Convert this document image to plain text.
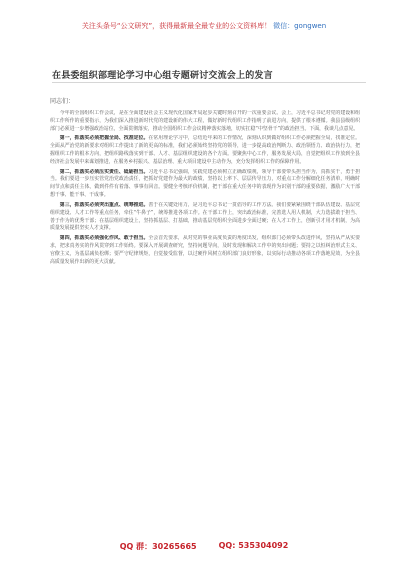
关注头条号“公文研究”，获得最新最全最专业的公文资料库！ 微信：gongwen
在县委组织部理论学习中心组专题研讨交流会上的发言
同志们：

今年的全国组织工作会议，是在全面建设社会主义现代化国家开局起步关键时刻召开的一次重要会议。会上，习近平总书记对党的建设和组织工作所作的重要指示，为我们深入推进新时代党的建设新的伟大工程，做好新时代组织工作指明了前进方向，提供了根本遵循。我县县级组织部门必须进一步增强政治站位，全面贯彻落实，推动全国组织工作会议精神落实落地，切实扛稳“中坚骨干”的政治担当。下面，我谈几点意见。

第一，抓落实必须把握全局、找准定位。在常用理论学习中，总结近年来的工作情况，深刻认识到做好组织工作必须把握全局，找准定位。全面从严治党的新要求对组织工作提出了新的更高的标准，我们必须始终坚持党的领导，进一步提高政治判断力、政治领悟力、政治执行力，把握组织工作的根本方向，把组织路线落实到干部、人才、基层组织建设的各个方面。要聚焦中心工作，服务发展大局，自觉把组织工作放到全县经济社会发展中来谋划推进，在服务乡村振兴、基层治理、重大项目建设中主动作为，充分发挥组织工作的保障作用。

第二，抓落实必须压实责任、砥砺担当。习近平总书记强调，实践党建必须树立正确政绩观，领导干部要带头担当作为，真抓实干，勇于担当。我们要进一步压实管党治党政治责任，把抓好党建作为最大的政绩，坚持以上率下、层层传导压力，对重点工作分解细化任务清单，明确时间节点和责任主体，做到件件有着落、事事有回音。要健全考核评价机制，把干部在重大任务中的表现作为识别干部的重要依据，激励广大干部想干事、能干事、干成事。

第三，抓落实必须突出重点、统筹推进。善于在关键处用力，是习近平总书记一贯倡导的工作方法。我们要紧紧围绕干部队伍建设、基层党组织建设、人才工作等重点任务，牵住“牛鼻子”，统筹推进各项工作。在干部工作上，突出政治标准，完善选人用人机制，大力选拔敢于担当、善于作为的优秀干部；在基层组织建设上，坚持抓基层、打基础，推动基层党组织全面进步全面过硬；在人才工作上，创新引才用才机制，为高质量发展提供坚实人才支撑。

第四，抓落实必须强化作风、敢于担当。全会首先要求，从对党的事业高度负责的角度出发，组织部门必须带头改进作风，坚持从严从实要求，把求真务实的作风贯穿到工作始终。要深入开展调查研究，坚持问题导向，及时发现和解决工作中的突出问题；要持之以恒纠治形式主义、官僚主义，为基层减负松绑；要严守纪律规矩，自觉接受监督，以过硬作风树立组织部门良好形象，以实际行动推动各项工作落地见效，为全县高质量发展作出新的更大贡献。

QQ 群：30265665	QQ: 535304092
